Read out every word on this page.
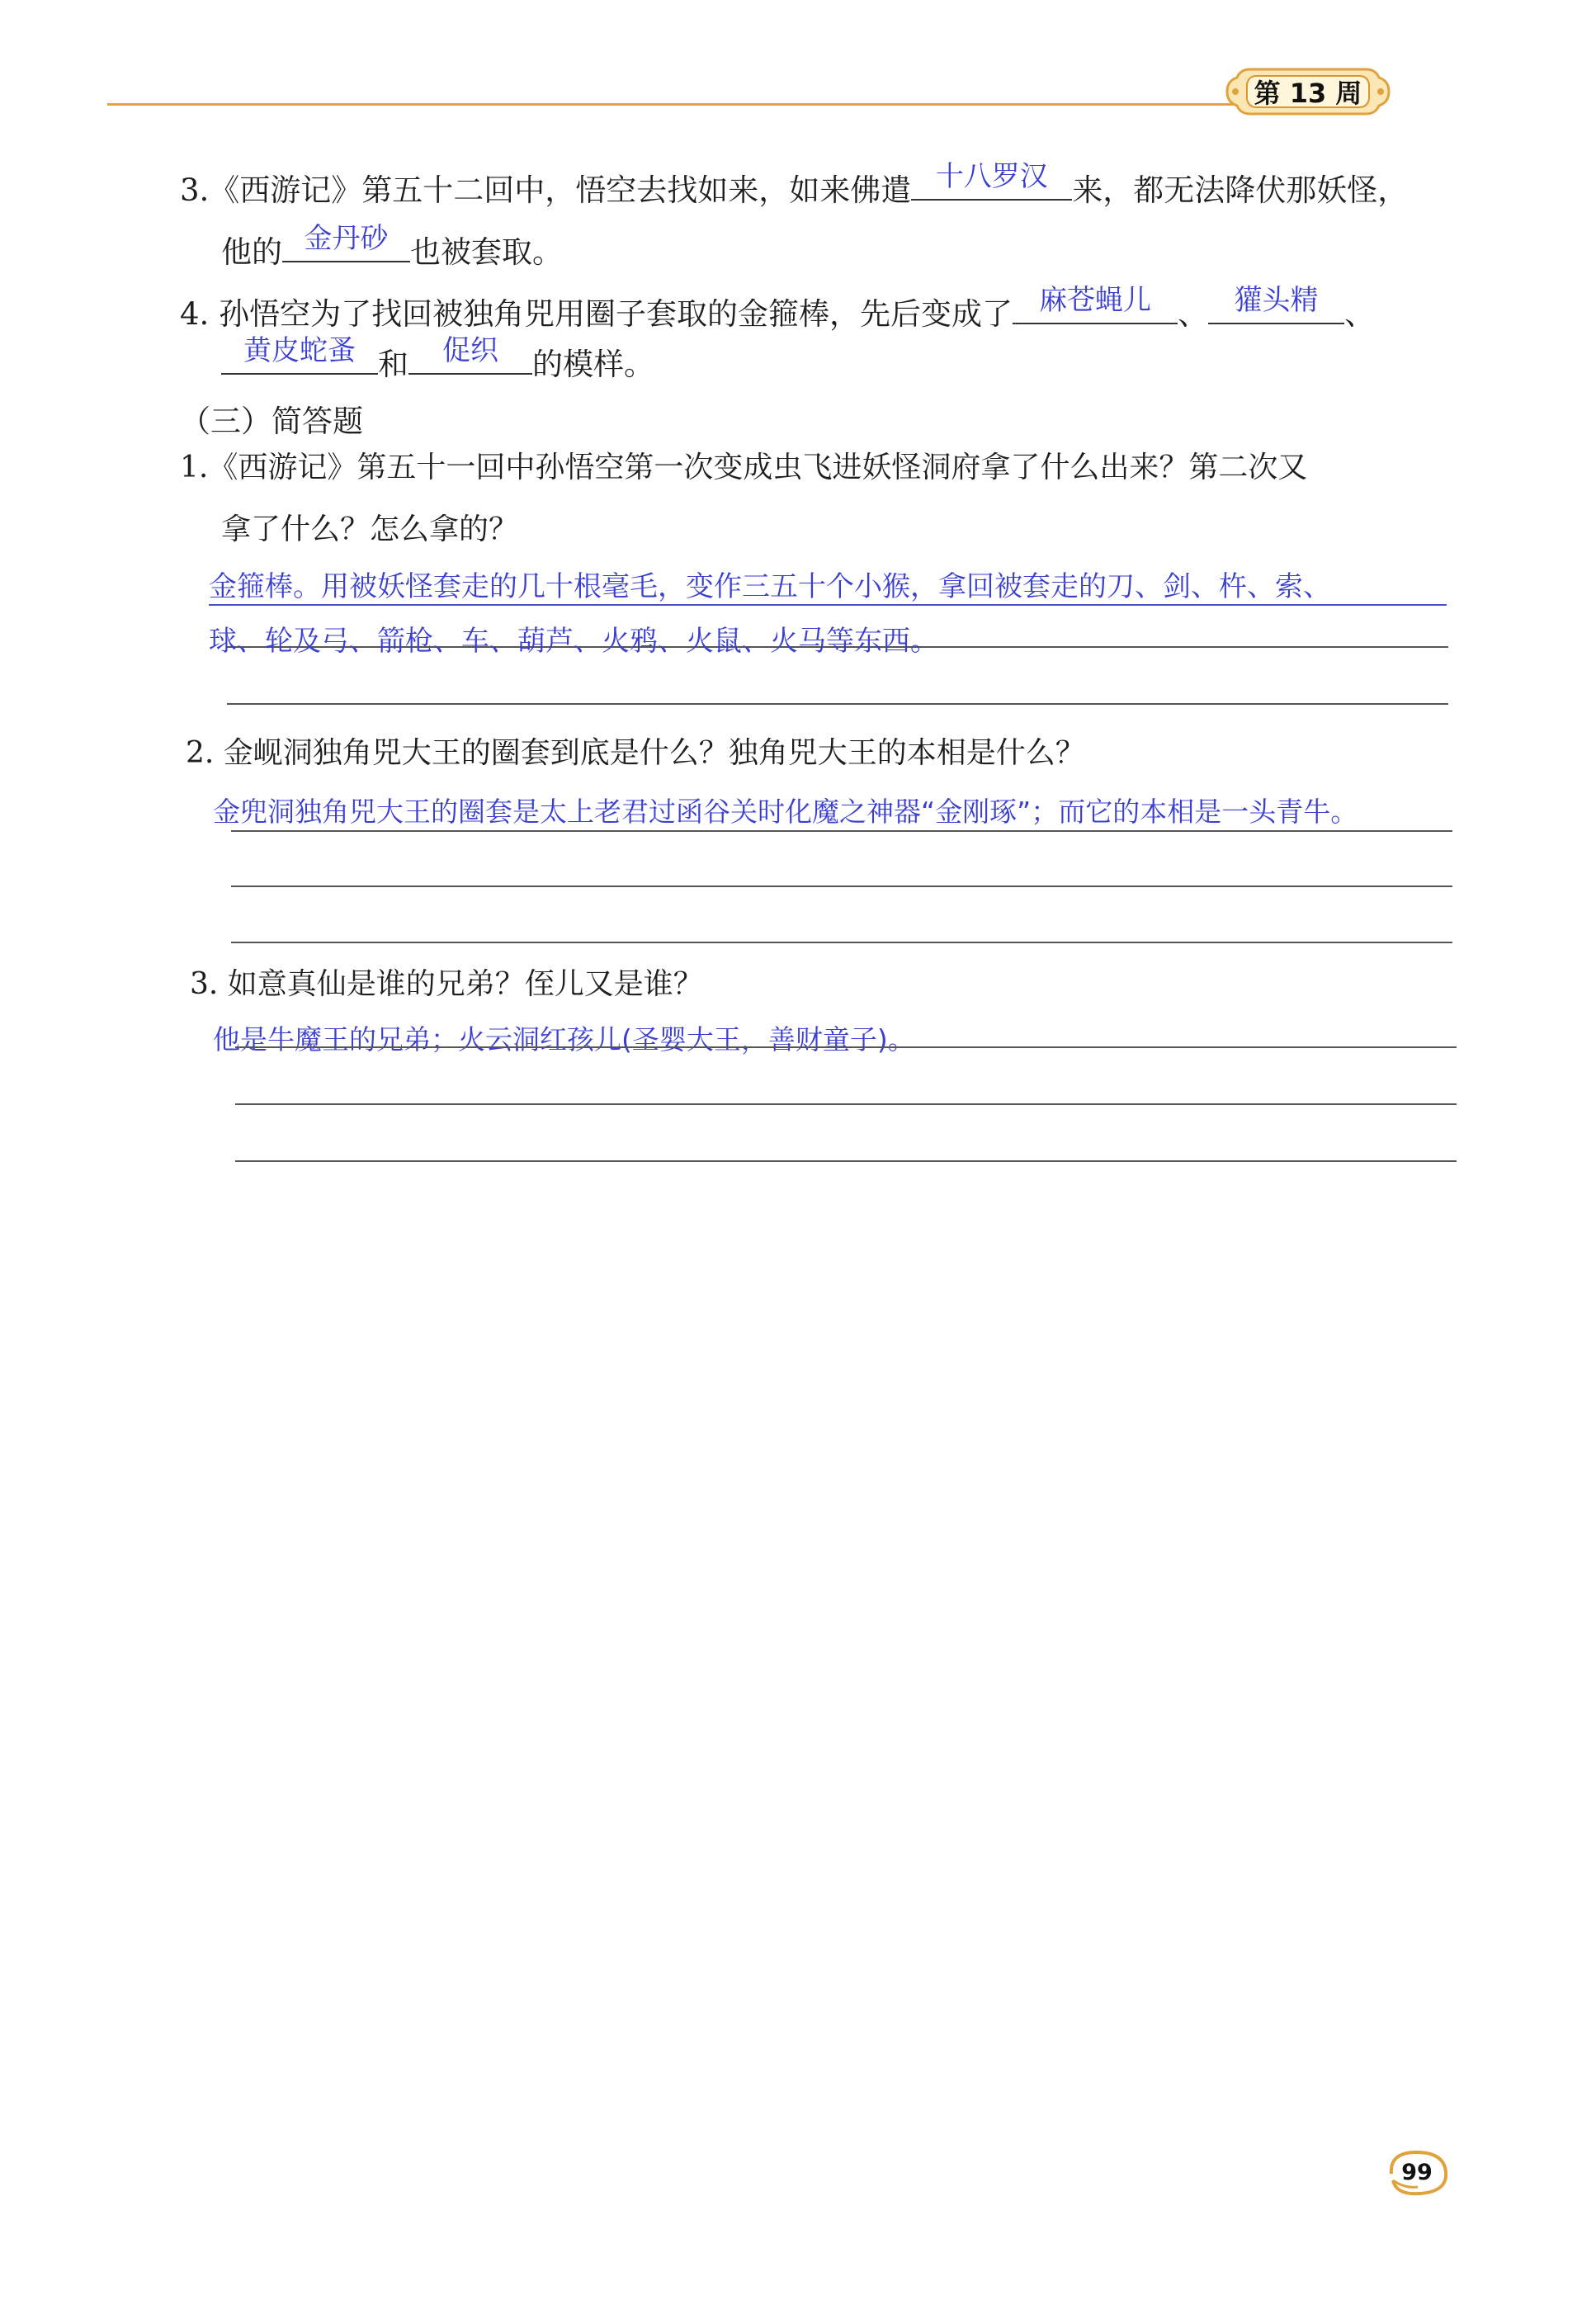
第 13 周
3.《西游记》第五十二回中，悟空去找如来，如来佛遣 十八罗汉 来，都无法降伏那妖怪，
他的 金丹砂 也被套取。
4. 孙悟空为了找回被独角兕用圈子套取的金箍棒，先后变成了 麻苍蝇儿 、 獾头精 、
黄皮蛇蚤 和	促织	的模样。
（三）简答题
1.《西游记》第五十一回中孙悟空第一次变成虫飞进妖怪洞府拿了什么出来？第二次又
拿了什么？怎么拿的？
金箍棒。用被妖怪套走的几十根毫毛，变作三五十个小猴，拿回被套走的刀、剑、杵、索、
球、轮及弓、箭枪、车、葫芦、火鸦、火鼠、火马等东西。
2. 金岘洞独角兕大王的圈套到底是什么？独角兕大王的本相是什么？
金兜洞独角兕大王的圈套是太上老君过函谷关时化魔之神器“金刚琢”；而它的本相是一头青牛。
3. 如意真仙是谁的兄弟？侄儿又是谁？
他是牛魔王的兄弟；火云洞红孩儿(圣婴大王，善财童子)。
99
